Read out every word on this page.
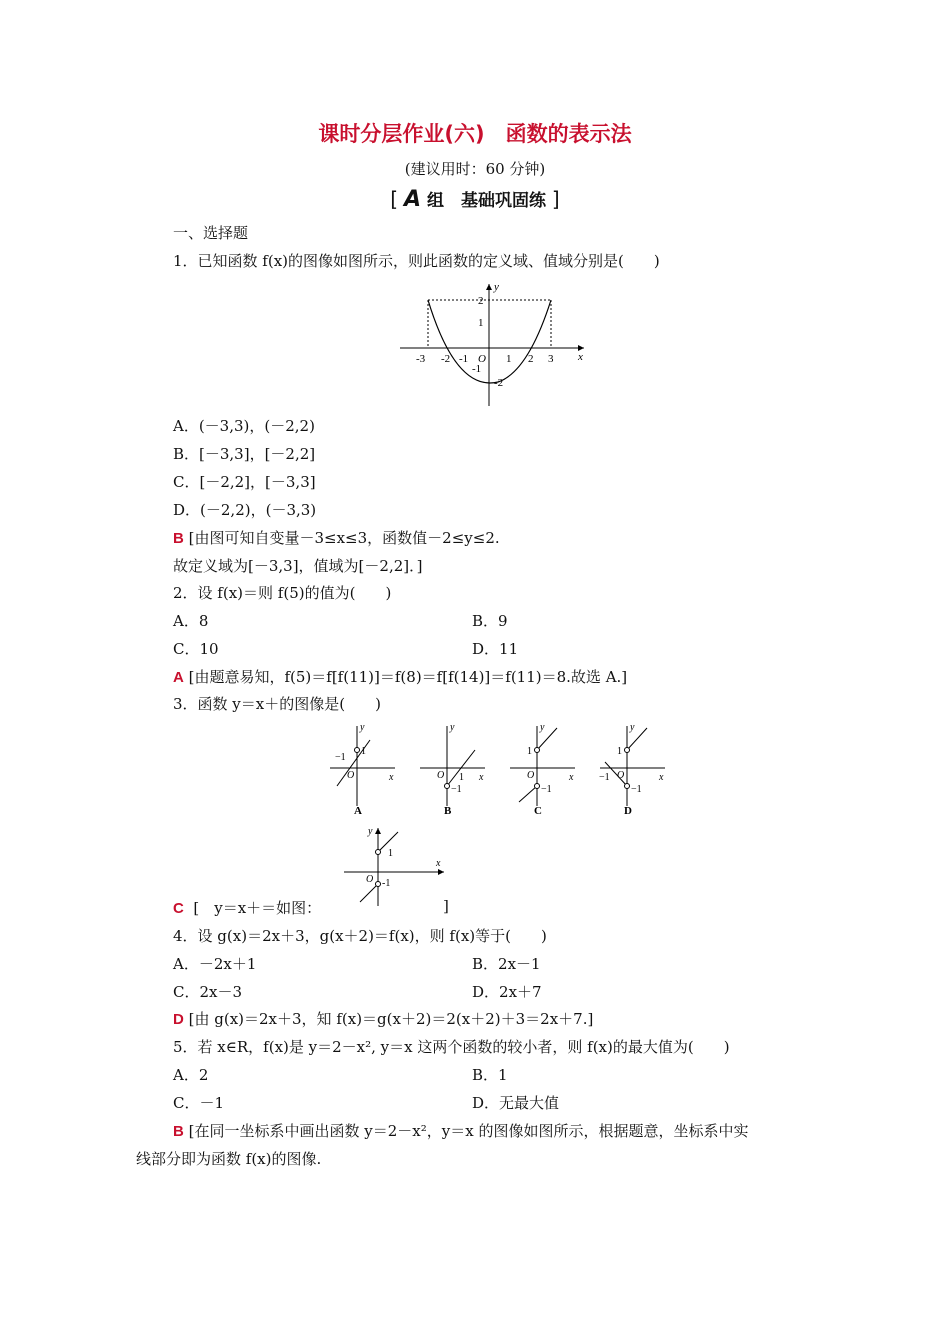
课时分层作业(六)　函数的表示法
(建议用时：60 分钟)
[ A 组　基础巩固练 ]
一、选择题
1．已知函数 f(x)的图像如图所示，则此函数的定义域、值域分别是(　　)
-3 -2 -1 O 1 2 3
2
1
-1
-2
x
y
A．(－3,3)，(－2,2)
B．[－3,3]，[－2,2]
C．[－2,2]，[－3,3]
D．(－2,2)，(－3,3)
B [由图可知自变量－3≤x≤3，函数值－2≤y≤2.
故定义域为[－3,3]，值域为[－2,2]．]
2．设 f(x)＝则 f(5)的值为(　　)
A．8	B．9
C．10	D．11
A [由题意易知，f(5)＝f[f(11)]＝f(8)＝f[f(14)]＝f(11)＝8.故选 A.]
3．函数 y＝x＋的图像是(　　)
−1
1
O	x
y
A
O 1
−1
x
y
B
1
O
−1
x
y
C
1
−1 O
−1
x
y
D
1
-1
O
x
y
C [　y＝x＋＝如图：	]
4．设 g(x)＝2x＋3，g(x＋2)＝f(x)，则 f(x)等于(　　)
A．－2x＋1	B．2x－1
C．2x－3	D．2x＋7
D [由 g(x)＝2x＋3，知 f(x)＝g(x＋2)＝2(x＋2)＋3＝2x＋7.]
5．若 x∈R，f(x)是 y＝2－x², y＝x 这两个函数的较小者，则 f(x)的最大值为(　　)
A．2	B．1
C．－1	D．无最大值
B [在同一坐标系中画出函数 y＝2－x²，y＝x 的图像如图所示，根据题意，坐标系中实
线部分即为函数 f(x)的图像.
